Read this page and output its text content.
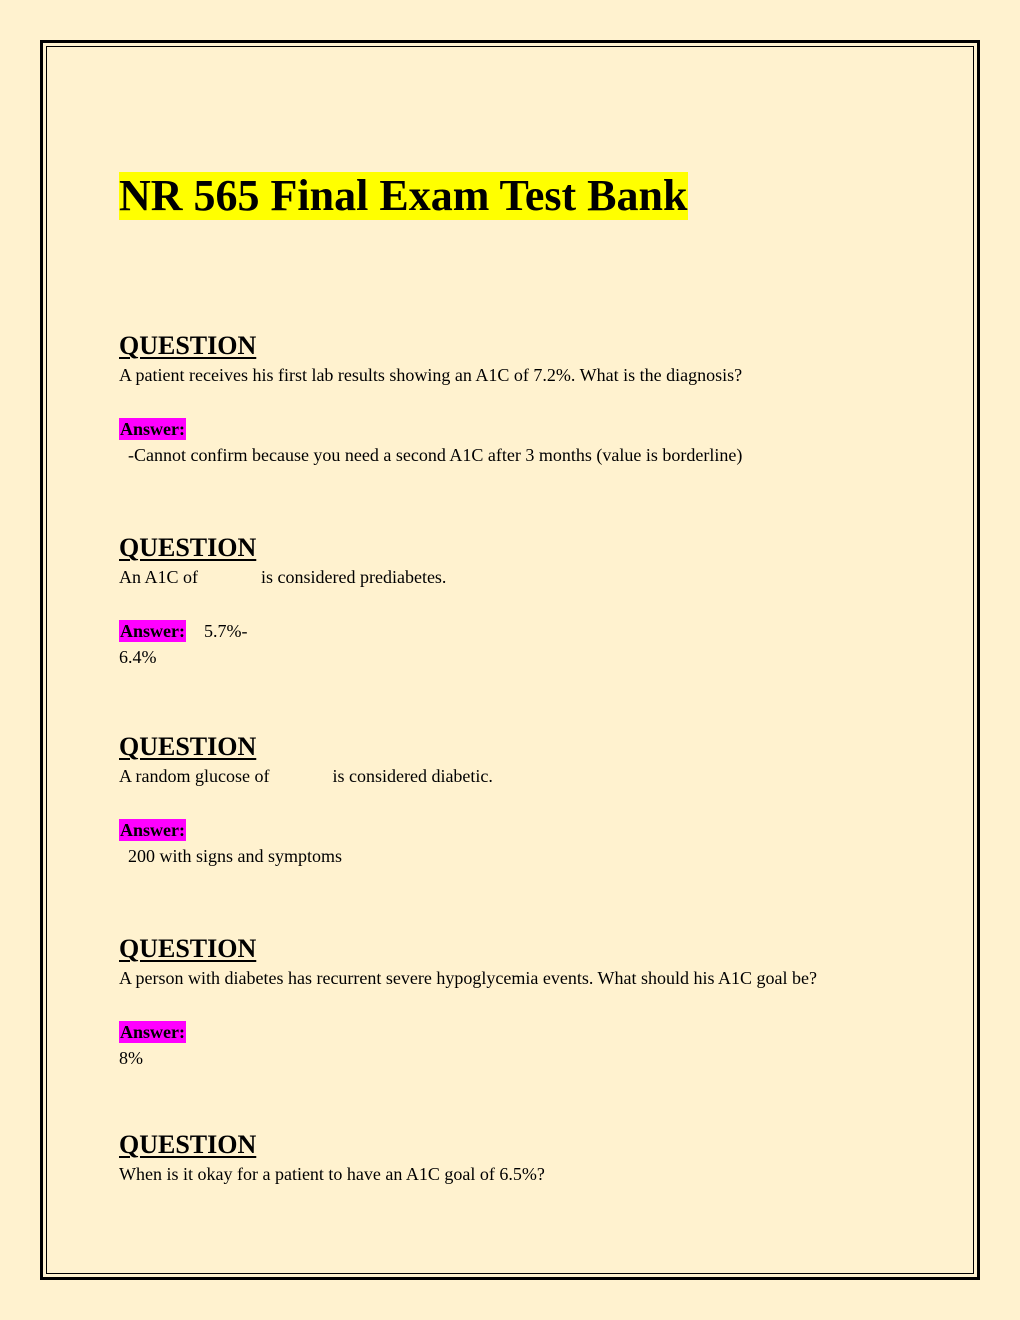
NR 565 Final Exam Test Bank

QUESTION

A patient receives his first lab results showing an A1C of 7.2%. What is the diagnosis?

Answer:
-Cannot confirm because you need a second A1C after 3 months (value is borderline)

QUESTION

An A1C of              is considered prediabetes.

Answer:    5.7%-
6.4%

QUESTION

A random glucose of              is considered diabetic.

Answer:
200 with signs and symptoms

QUESTION

A person with diabetes has recurrent severe hypoglycemia events. What should his A1C goal be?

Answer:
8%

QUESTION

When is it okay for a patient to have an A1C goal of 6.5%?
